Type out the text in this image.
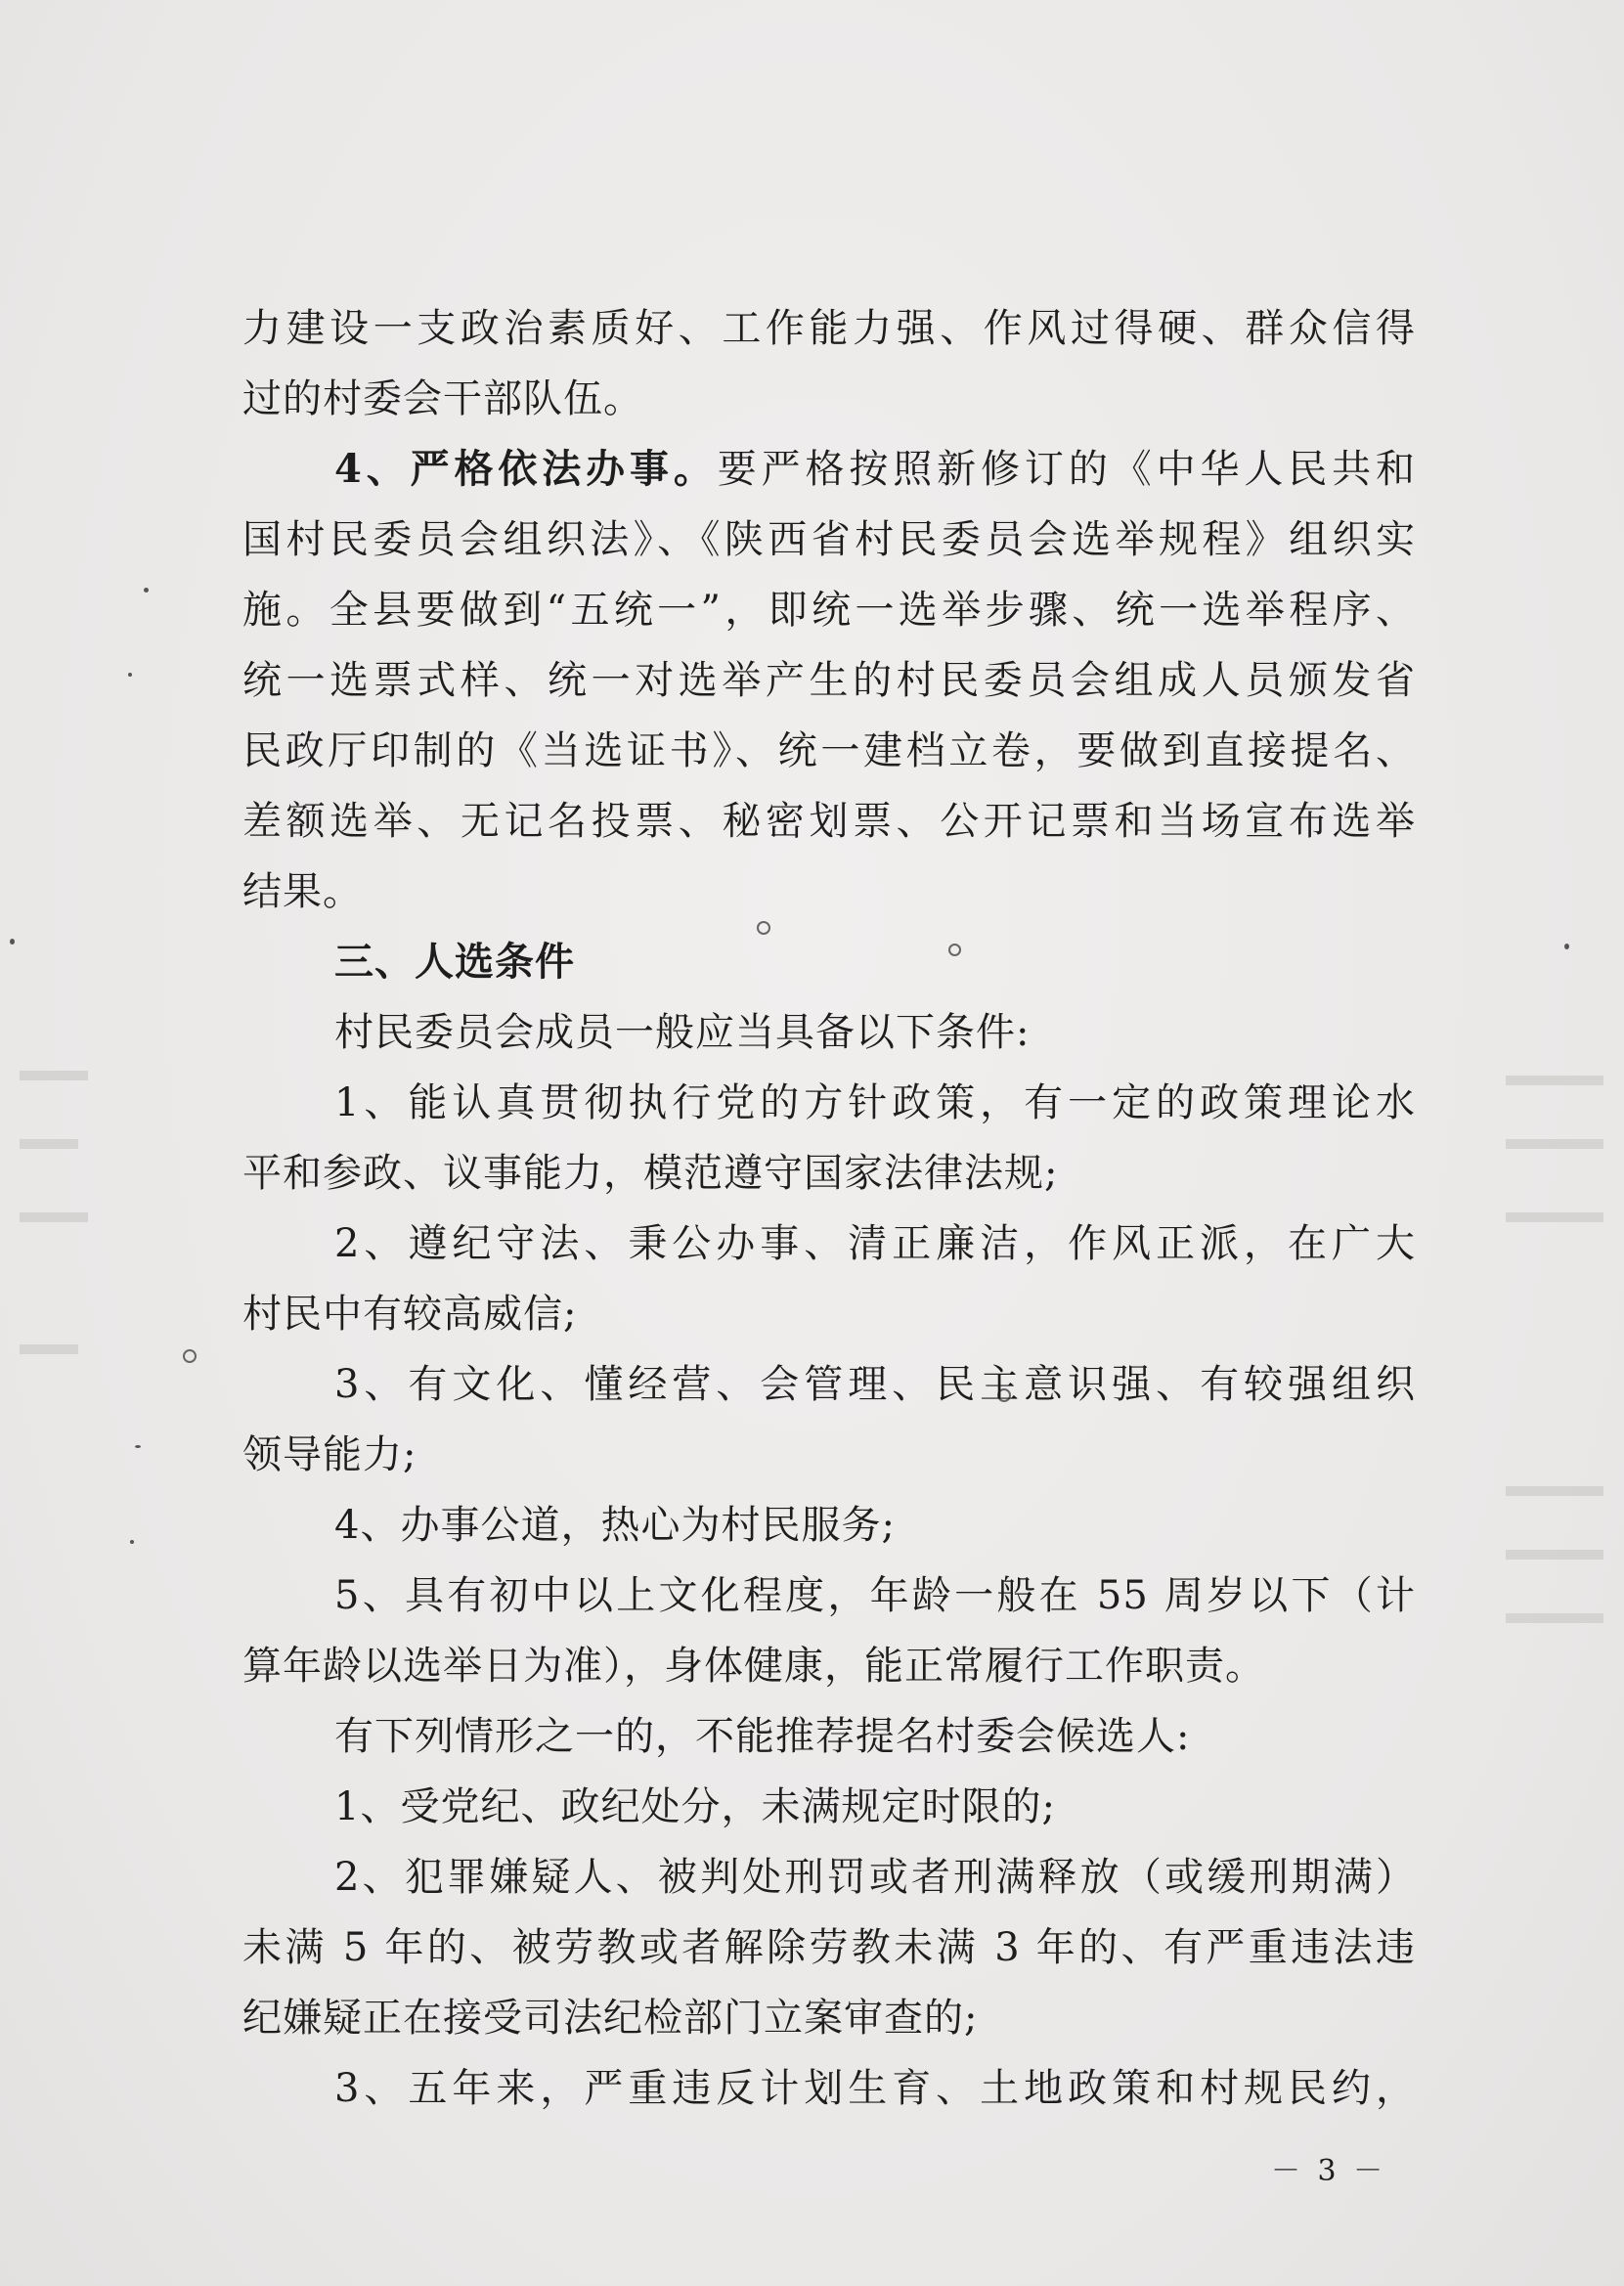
力建设一支政治素质好、工作能力强、作风过得硬、群众信得
过的村委会干部队伍。
4、严格依法办事。要严格按照新修订的《中华人民共和
国村民委员会组织法》、《陕西省村民委员会选举规程》组织实
施。全县要做到“五统一”，即统一选举步骤、统一选举程序、
统一选票式样、统一对选举产生的村民委员会组成人员颁发省
民政厅印制的《当选证书》、统一建档立卷，要做到直接提名、
差额选举、无记名投票、秘密划票、公开记票和当场宣布选举
结果。
三、人选条件
村民委员会成员一般应当具备以下条件:
1、能认真贯彻执行党的方针政策，有一定的政策理论水
平和参政、议事能力，模范遵守国家法律法规;
2、遵纪守法、秉公办事、清正廉洁，作风正派，在广大
村民中有较高威信;
3、有文化、懂经营、会管理、民主意识强、有较强组织
领导能力;
4、办事公道，热心为村民服务;
5、具有初中以上文化程度，年龄一般在 55 周岁以下（计
算年龄以选举日为准），身体健康，能正常履行工作职责。
有下列情形之一的，不能推荐提名村委会候选人:
1、受党纪、政纪处分，未满规定时限的;
2、犯罪嫌疑人、被判处刑罚或者刑满释放（或缓刑期满）
未满 5 年的、被劳教或者解除劳教未满 3 年的、有严重违法违
纪嫌疑正在接受司法纪检部门立案审查的;
3、五年来，严重违反计划生育、土地政策和村规民约，
－ 3 －
